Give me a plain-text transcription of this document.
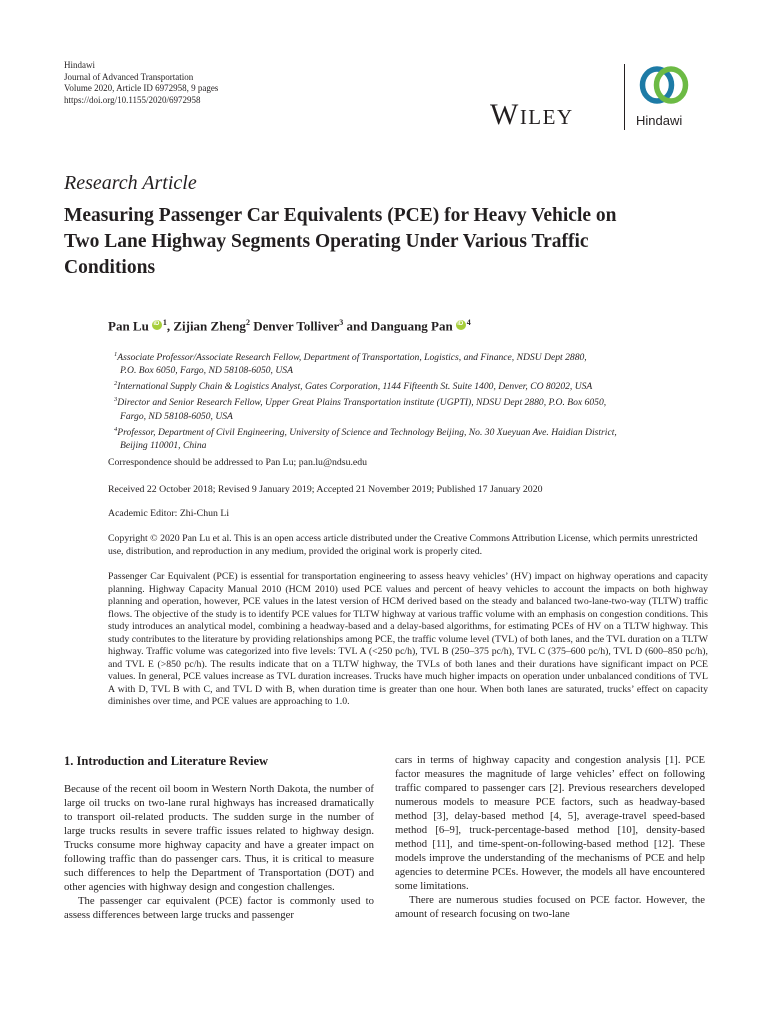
Hindawi
Journal of Advanced Transportation
Volume 2020, Article ID 6972958, 9 pages
https://doi.org/10.1155/2020/6972958	Wiley	Hindawi
Research Article
Measuring Passenger Car Equivalents (PCE) for Heavy Vehicle on Two Lane Highway Segments Operating Under Various Traffic Conditions
Pan Lu iD $^1$, Zijian Zheng$^2$ Denver Tolliver$^3$ and Danguang Pan iD $^4$
$^1$Associate Professor/Associate Research Fellow, Department of Transportation, Logistics, and Finance, NDSU Dept 2880,
P.O. Box 6050, Fargo, ND 58108-6050, USA
$^2$International Supply Chain & Logistics Analyst, Gates Corporation, 1144 Fifteenth St. Suite 1400, Denver, CO 80202, USA
$^3$Director and Senior Research Fellow, Upper Great Plains Transportation institute (UGPTI), NDSU Dept 2880, P.O. Box 6050,
Fargo, ND 58108-6050, USA
$^4$Professor, Department of Civil Engineering, University of Science and Technology Beijing, No. 30 Xueyuan Ave. Haidian District,
Beijing 110001, China
Correspondence should be addressed to Pan Lu; pan.lu@ndsu.edu
Received 22 October 2018; Revised 9 January 2019; Accepted 21 November 2019; Published 17 January 2020
Academic Editor: Zhi-Chun Li
Copyright © 2020 Pan Lu et al. This is an open access article distributed under the Creative Commons Attribution License, which permits unrestricted use, distribution, and reproduction in any medium, provided the original work is properly cited.
Passenger Car Equivalent (PCE) is essential for transportation engineering to assess heavy vehicles’ (HV) impact on highway operations and capacity planning. Highway Capacity Manual 2010 (HCM 2010) used PCE values and percent of heavy vehicles to account the impacts on both highway planning and operation, however, PCE values in the latest version of HCM derived based on the steady and balanced two-lane-two-way (TLTW) traffic flows. The objective of the study is to identify PCE values for TLTW highway at various traffic volume with an emphasis on congestion conditions. This study introduces an analytical model, combining a headway-based and a delay-based algorithms, for estimating PCEs of HV on a TLTW highway. This study contributes to the literature by providing relationships among PCE, the traffic volume level (TVL) of both lanes, and the TVL duration on a TLTW highway. Traffic volume was categorized into five levels: TVL A (<250 pc/h), TVL B (250–375 pc/h), TVL C (375–600 pc/h), TVL D (600–850 pc/h), and TVL E (>850 pc/h). The results indicate that on a TLTW highway, the TVLs of both lanes and their durations have significant impact on PCE values. In general, PCE values increase as TVL duration increases. Trucks have much higher impacts on operation under unbalanced conditions of TVL A with D, TVL B with C, and TVL D with B, when duration time is greater than one hour. When both lanes are saturated, trucks’ effect on capacity diminishes over time, and PCE values are approaching to 1.0.
1. Introduction and Literature Review

Because of the recent oil boom in Western North Dakota, the number of large oil trucks on two-lane rural highways has increased dramatically to transport oil-related products. The sudden surge in the number of large trucks results in severe traffic issues related to highway design. Trucks consume more highway capacity and have a greater impact on following traffic than do passenger cars. Thus, it is critical to measure such differences to help the Department of Transportation (DOT) and other agencies with highway design and congestion challenges.

The passenger car equivalent (PCE) factor is commonly used to assess differences between large trucks and passenger

cars in terms of highway capacity and congestion analysis [1]. PCE factor measures the magnitude of large vehicles’ effect on following traffic compared to passenger cars [2]. Previous researchers developed numerous models to measure PCE factors, such as headway-based method [3], delay-based method [4, 5], average-travel speed-based method [6–9], truck-percentage-based method [10], density-based method [11], and time-spent-on-following-based method [12]. These models improve the understanding of the mechanisms of PCE and help agencies to determine PCEs. However, the models all have encountered some limitations.

There are numerous studies focused on PCE factor. However, the amount of research focusing on two-lane
